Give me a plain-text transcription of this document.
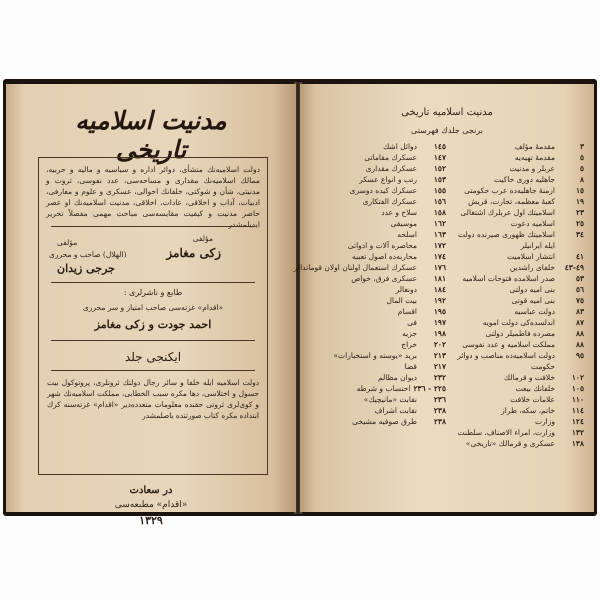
مدنيت اسلاميه تاريخى
دولت اسلاميه‌نك منشأى، دوائر اداره و سياسيه و مالیه و حربيه، ممالك اسلاميه‌نك مقدارى و مساحه‌سى، عدد نفوسى، ثروت و مدنيتى، شأن و شوكتى، خلفانك احوالى، عسكرى و علوم و معارفى، ادبيات، آداب و اخلاقى، عادات، اخلاقى، مدنيت اسلاميه‌نك او عصر حاضر مدنيت و كيفيت مقایسه‌سى مباحث مهمی مفصلاً تحرير ايديلمشدر
مؤلفى
زكى مغامز
مؤلفى
(الهلال) صاحب و محررى
جرجى زيدان
طابع و ناشرلرى :
«اقدام» غزته‌سى صاحب امتياز و سر محررى
احمد جودت و زكى مغامز
ايكنجى جلد
دولت اسلاميه ايله خلفا و سائر رجال دولتك ثروتلرى، پروتوكول بيت حسول و اختلاسى، دها مكره سبب الخطابى، مملكت اسلاميه‌نك شهر و كوى‌لرى ثروتى حقنده معلومات متعدده‌دیر «اقدام» غزته‌سنه كرك ابتداده مكره كتاب صورتنده باصلمشدر
در سعادت
«اقدام» مطبعه‌سى
١٣٢٩
مدنيت اسلاميه تاريخى
برنجى جلدك فهرستى
٣
مقدمهٔ مؤلف
٥
مقدمهٔ تهيه‌يه
٥
عربلر و مدنيت
٨
جاهليه دورى حاكيت
١٥
ازمنهٔ جاهليه‌ده عرب حكومتى
١٩
كعبهٔ معظمه، تجارت، قريش
٢٣
اسلاميتك اول عربلرك اشتغالى
٢٥
اسلاميه دعوت
٣٤
اسلاميتك ظهورى صيرنده دولت
ايله ايرانيلر
٤١
انتشار اسلاميت
٤٩-٤٣
خلفاى راشدين
٥٣
صدر اسلامده فتوحات اسلاميه
٥٦
بنى اميه دولتى
٧٥
بنى اميه قوتى
٨٣
دولت عباسيه
٨٧
اندلسده‌كى دولت امويه
٨٨
مصرده فاطميلر دولتى
٨٨
مملكت اسلاميه و عدد نفوسى
٩٥
دولت اسلاميه‌ده مناصب و دوائر
حكومت
١٠٢
خلافت و قرمالك
١٠٥
خلفانك بيعت
١١٠
علامات خلافت
١١٤
خاتم، سكه، طراز
١٢٤
وزارت
١٣٢
وزارت، امراء الاصناف، سلطنت
١٣٨
عسكرى و قرمالك «تاريخى»
١٤٥
دوائل اشك
١٤٧
عسكرك مقاماتى
١٥٢
عسكرك مقدارى
١٥٣
رتب و انواع عسكر
١٥٥
عسكرك كيده دوسرى
١٥٦
عسكرك الفتكارى
١٥٨
سلاح و عدد
١٦٢
موسيقى
١٦٣
اسلحه
١٧٢
محاصره آلات و ادواتى
١٧٤
محاربه‌ده اصول تعبيه
١٧٦
عسكرك استعمال اولنان اولان قوماندالر
١٨١
عسكرى فرق، خواص
١٨٤
دونغالر
١٩٢
بيت المال
١٩٥
اقسام
١٩٧
فى
١٩٨
جزيه
٢٠٢
خراج
٢١٣
بريد «يوسته و استخبارات»
٢١٧
قضا
٢٣٢
ديوان مظالم
٢٢٥ - ٢٣٦
احتساب و شرطه
٢٣٦
نقابت «مانيچيك»
٢٣٨
نقابت اشراف
٢٣٨
طرق صوفيه مشيخى
